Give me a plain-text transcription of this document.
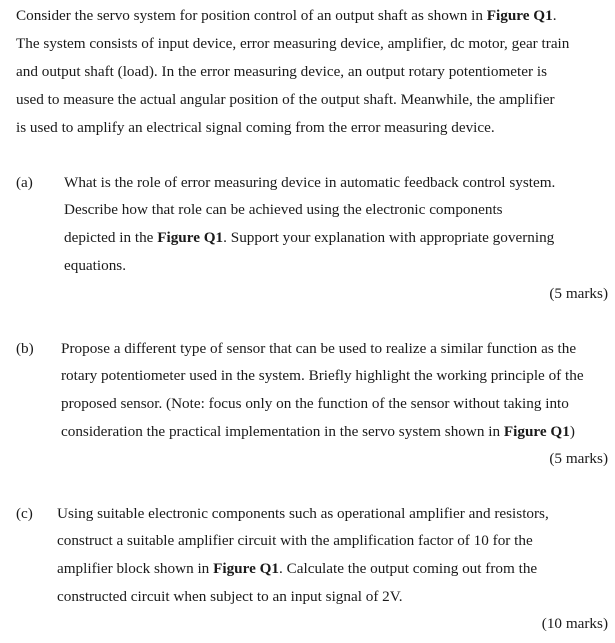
Consider the servo system for position control of an output shaft as shown in Figure Q1.
The system consists of input device, error measuring device, amplifier, dc motor, gear train
and output shaft (load). In the error measuring device, an output rotary potentiometer is
used to measure the actual angular position of the output shaft. Meanwhile, the amplifier
is used to amplify an electrical signal coming from the error measuring device.
(a) What is the role of error measuring device in automatic feedback control system.
Describe how that role can be achieved using the electronic components
depicted in the Figure Q1. Support your explanation with appropriate governing
equations.
(5 marks)
(b) Propose a different type of sensor that can be used to realize a similar function as the
rotary potentiometer used in the system. Briefly highlight the working principle of the
proposed sensor. (Note: focus only on the function of the sensor without taking into
consideration the practical implementation in the servo system shown in Figure Q1)
(5 marks)
(c) Using suitable electronic components such as operational amplifier and resistors,
construct a suitable amplifier circuit with the amplification factor of 10 for the
amplifier block shown in Figure Q1. Calculate the output coming out from the
constructed circuit when subject to an input signal of 2V.
(10 marks)
